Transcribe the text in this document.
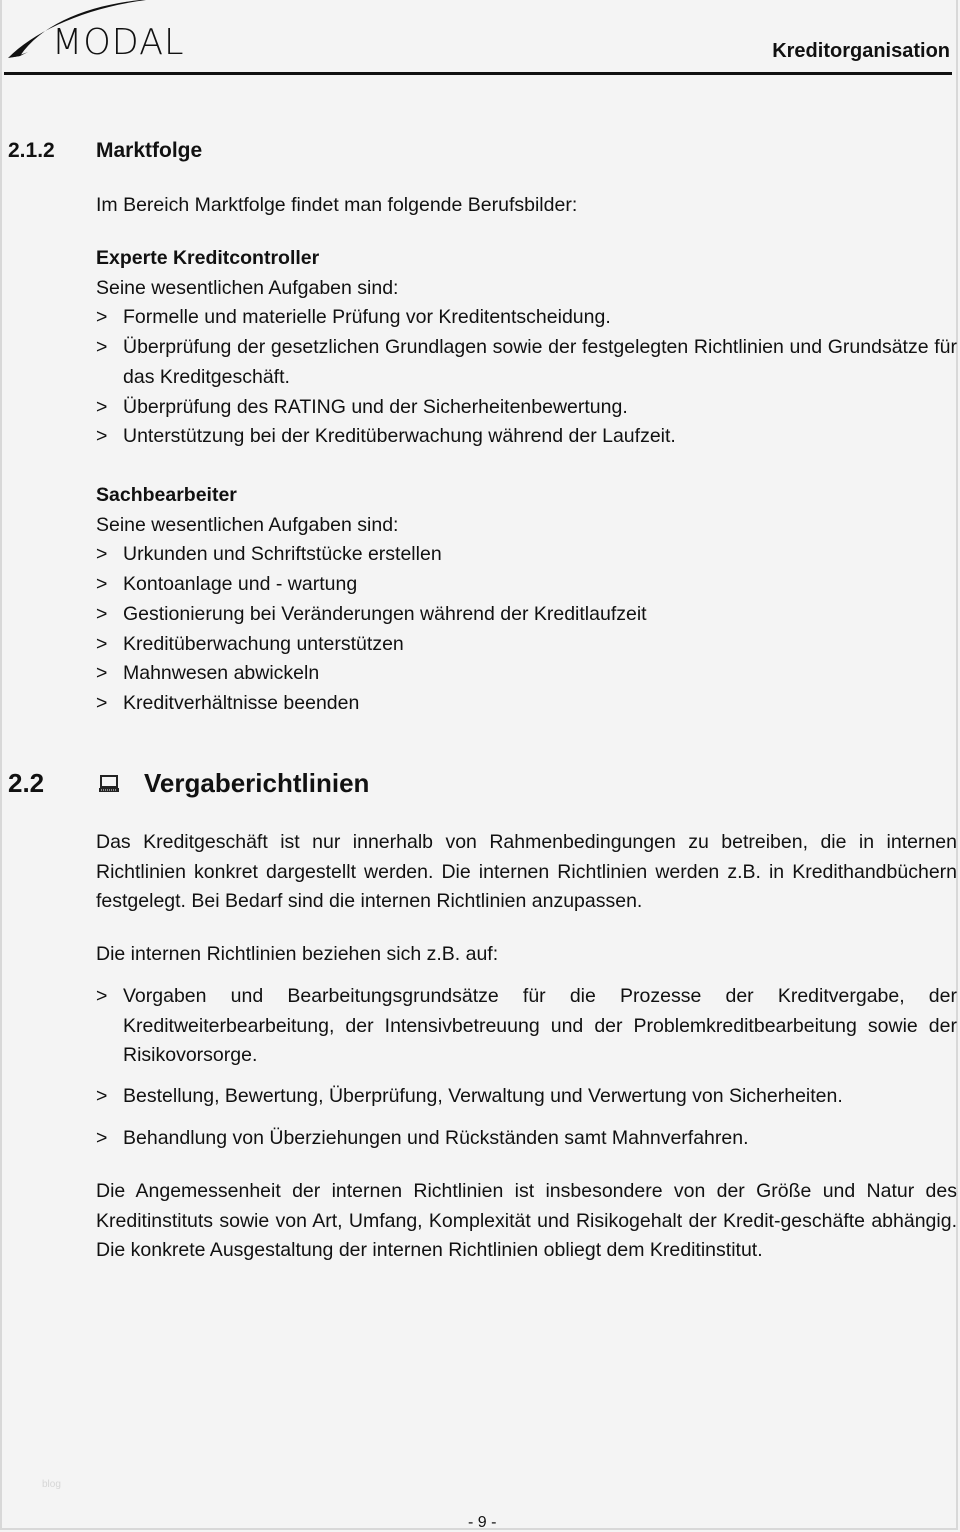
MODAL	Kreditorganisation
2.1.2 Marktfolge

Im Bereich Marktfolge findet man folgende Berufsbilder:

Experte Kreditcontroller

Seine wesentlichen Aufgaben sind:

> Formelle und materielle Prüfung vor Kreditentscheidung.

> Überprüfung der gesetzlichen Grundlagen sowie der festgelegten Richtlinien und Grundsätze für das Kreditgeschäft.

> Überprüfung des RATING und der Sicherheitenbewertung.

> Unterstützung bei der Kreditüberwachung während der Laufzeit.

Sachbearbeiter

Seine wesentlichen Aufgaben sind:

> Urkunden und Schriftstücke erstellen

> Kontoanlage und - wartung

> Gestionierung bei Veränderungen während der Kreditlaufzeit

> Kreditüberwachung unterstützen

> Mahnwesen abwickeln

> Kreditverhältnisse beenden

2.2	Vergaberichtlinien

Das Kreditgeschäft ist nur innerhalb von Rahmenbedingungen zu betreiben, die in internen Richtlinien konkret dargestellt werden. Die internen Richtlinien werden z.B. in Kredithandbüchern festgelegt. Bei Bedarf sind die internen Richtlinien anzupassen.

Die internen Richtlinien beziehen sich z.B. auf:

> Vorgaben und Bearbeitungsgrundsätze für die Prozesse der Kreditvergabe, der Kreditweiterbearbeitung, der Intensivbetreuung und der Problemkreditbearbeitung sowie der Risikovorsorge.

> Bestellung, Bewertung, Überprüfung, Verwaltung und Verwertung von Sicherheiten.

> Behandlung von Überziehungen und Rückständen samt Mahnverfahren.

Die Angemessenheit der internen Richtlinien ist insbesondere von der Größe und Natur des Kreditinstituts sowie von Art, Umfang, Komplexität und Risikogehalt der Kredit-geschäfte abhängig. Die konkrete Ausgestaltung der internen Richtlinien obliegt dem Kreditinstitut.

blog
- 9 -
